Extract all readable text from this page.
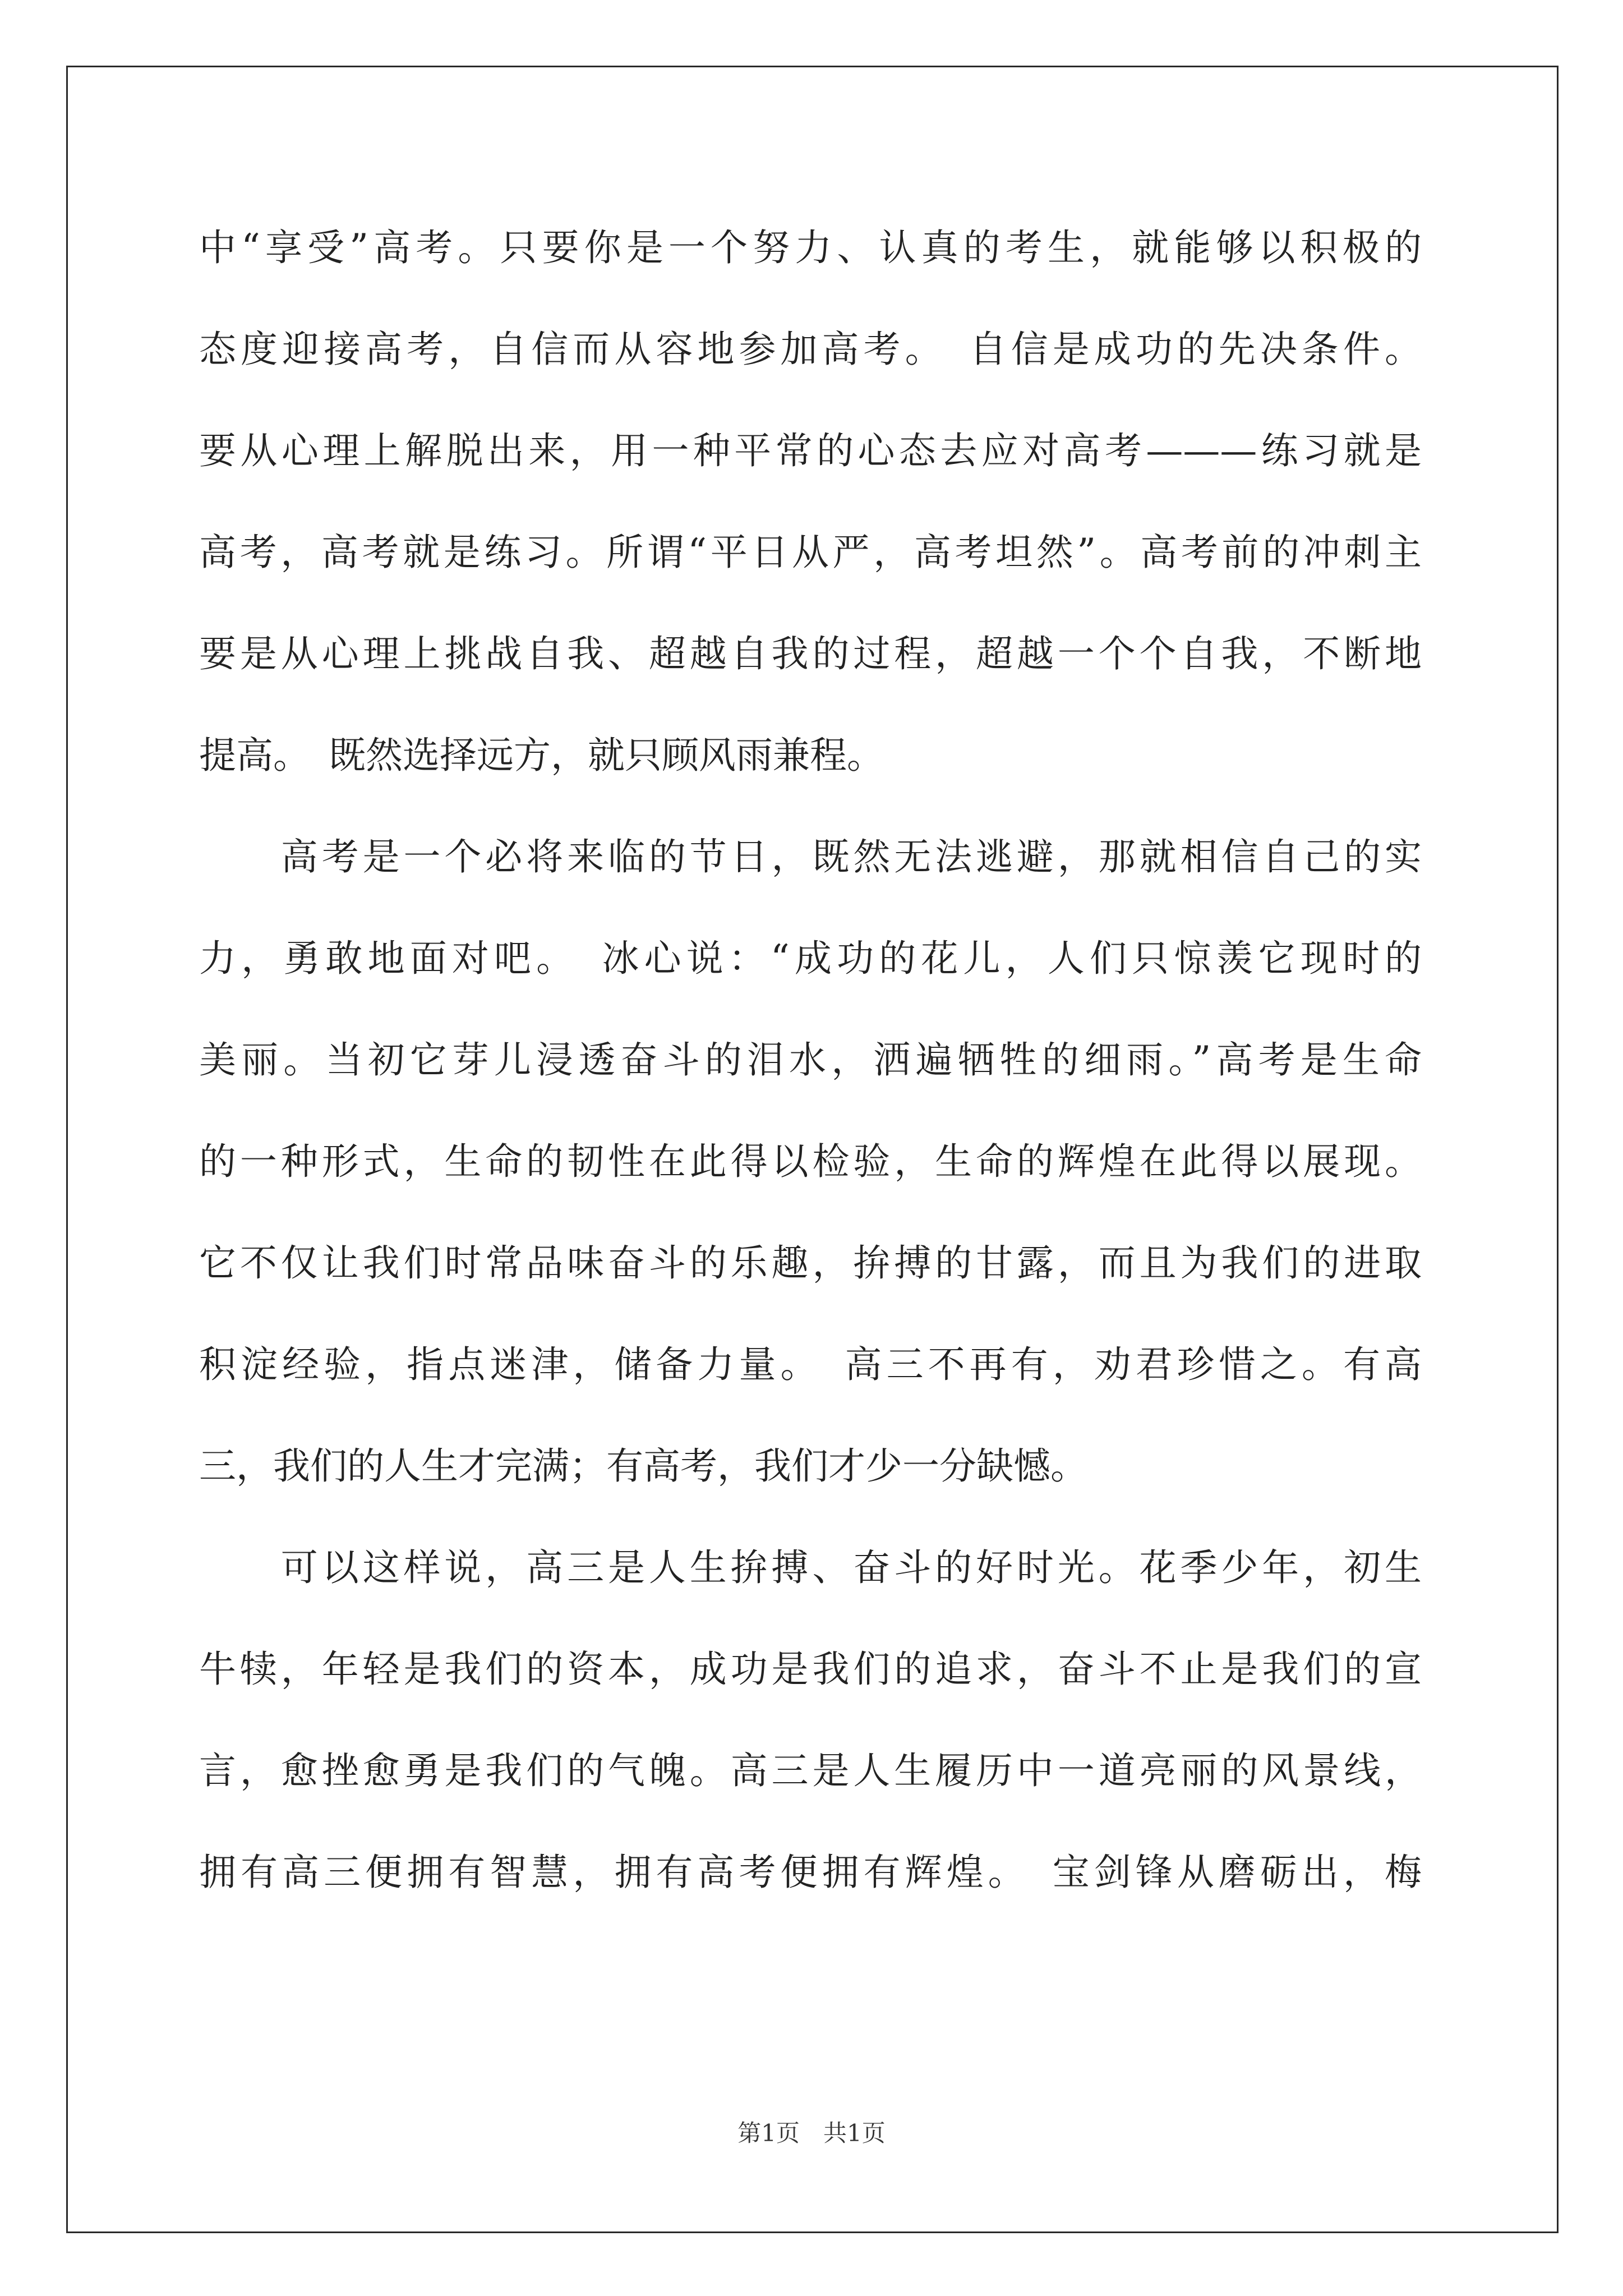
中“享受”高考。只要你是一个努力、认真的考生，就能够以积极的
态度迎接高考，自信而从容地参加高考。　自信是成功的先决条件。
要从心理上解脱出来，用一种平常的心态去应对高考———练习就是
高考，高考就是练习。所谓“平日从严，高考坦然”。高考前的冲刺主
要是从心理上挑战自我、超越自我的过程，超越一个个自我，不断地
提高。　既然选择远方，就只顾风雨兼程。
　　高考是一个必将来临的节日，既然无法逃避，那就相信自己的实
力，勇敢地面对吧。　冰心说：“成功的花儿，人们只惊羡它现时的
美丽。当初它芽儿浸透奋斗的泪水，洒遍牺牲的细雨。”高考是生命
的一种形式，生命的韧性在此得以检验，生命的辉煌在此得以展现。
它不仅让我们时常品味奋斗的乐趣，拚搏的甘露，而且为我们的进取
积淀经验，指点迷津，储备力量。　高三不再有，劝君珍惜之。有高
三，我们的人生才完满；有高考，我们才少一分缺憾。
　　可以这样说，高三是人生拚搏、奋斗的好时光。花季少年，初生
牛犊，年轻是我们的资本，成功是我们的追求，奋斗不止是我们的宣
言，愈挫愈勇是我们的气魄。高三是人生履历中一道亮丽的风景线，
拥有高三便拥有智慧，拥有高考便拥有辉煌。　宝剑锋从磨砺出，梅
第1页　共1页
